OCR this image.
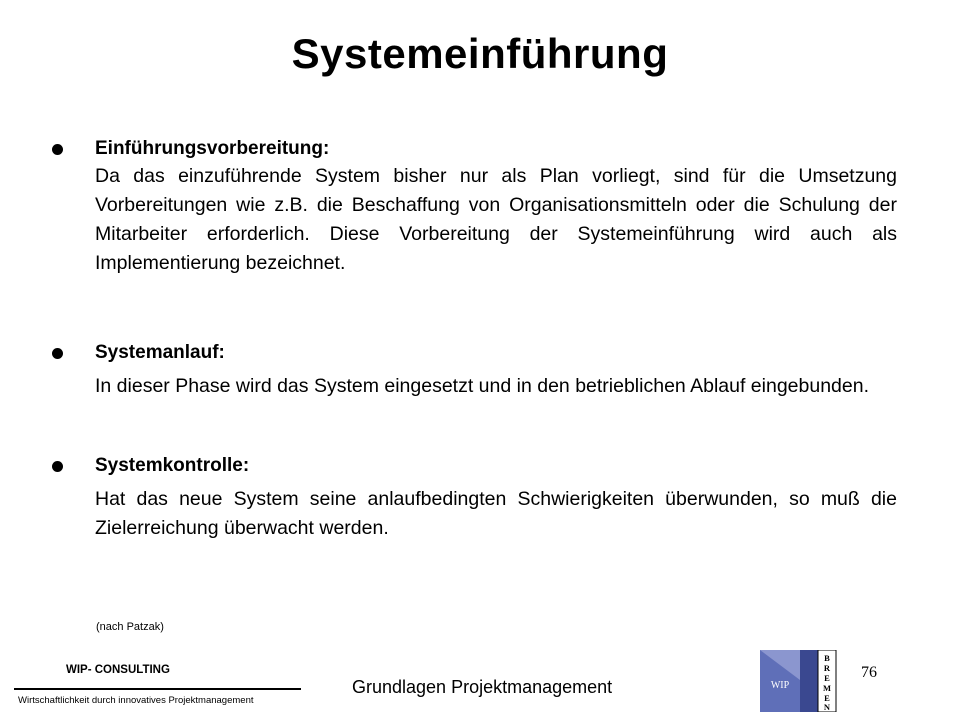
Systemeinführung
Einführungsvorbereitung:
Da das einzuführende System bisher nur als Plan vorliegt, sind für die Umsetzung Vorbereitungen wie z.B. die Beschaffung von Organisationsmitteln oder die Schulung der Mitarbeiter erforderlich. Diese Vorbereitung der Systemeinführung wird auch als Implementierung bezeichnet.
Systemanlauf:
In dieser Phase wird das System eingesetzt und in den betrieblichen Ablauf eingebunden.
Systemkontrolle:
Hat das neue System seine anlaufbedingten Schwierigkeiten überwunden, so muß die Zielerreichung überwacht werden.
(nach Patzak)
WIP- CONSULTING
Wirtschaftlichkeit durch innovatives Projektmanagement
Grundlagen Projektmanagement	WIP
B
R
E
M
E
N
76
